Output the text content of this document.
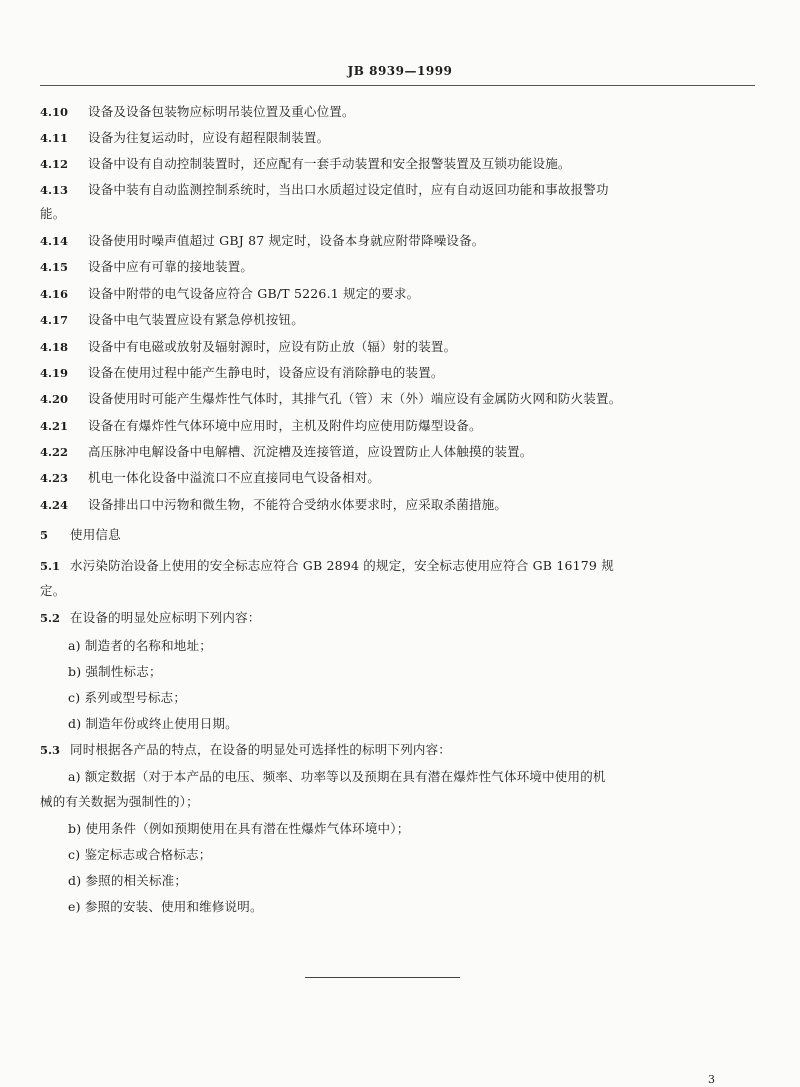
JB 8939—1999
4.10 设备及设备包装物应标明吊装位置及重心位置。
4.11 设备为往复运动时，应设有超程限制装置。
4.12 设备中设有自动控制装置时，还应配有一套手动装置和安全报警装置及互锁功能设施。
4.13 设备中装有自动监测控制系统时，当出口水质超过设定值时，应有自动返回功能和事故报警功
能。
4.14 设备使用时噪声值超过 GBJ 87 规定时，设备本身就应附带降噪设备。
4.15 设备中应有可靠的接地装置。
4.16 设备中附带的电气设备应符合 GB/T 5226.1 规定的要求。
4.17 设备中电气装置应设有紧急停机按钮。
4.18 设备中有电磁或放射及辐射源时，应设有防止放（辐）射的装置。
4.19 设备在使用过程中能产生静电时，设备应设有消除静电的装置。
4.20 设备使用时可能产生爆炸性气体时，其排气孔（管）末（外）端应设有金属防火网和防火装置。
4.21 设备在有爆炸性气体环境中应用时，主机及附件均应使用防爆型设备。
4.22 高压脉冲电解设备中电解槽、沉淀槽及连接管道，应设置防止人体触摸的装置。
4.23 机电一体化设备中溢流口不应直接同电气设备相对。
4.24 设备排出口中污物和微生物，不能符合受纳水体要求时，应采取杀菌措施。
5 使用信息
5.1 水污染防治设备上使用的安全标志应符合 GB 2894 的规定，安全标志使用应符合 GB 16179 规
定。
5.2 在设备的明显处应标明下列内容：
a) 制造者的名称和地址；
b) 强制性标志；
c) 系列或型号标志；
d) 制造年份或终止使用日期。
5.3 同时根据各产品的特点，在设备的明显处可选择性的标明下列内容：
a) 额定数据（对于本产品的电压、频率、功率等以及预期在具有潜在爆炸性气体环境中使用的机
械的有关数据为强制性的）；
b) 使用条件（例如预期使用在具有潜在性爆炸气体环境中）；
c) 鉴定标志或合格标志；
d) 参照的相关标准；
e) 参照的安装、使用和维修说明。
3
